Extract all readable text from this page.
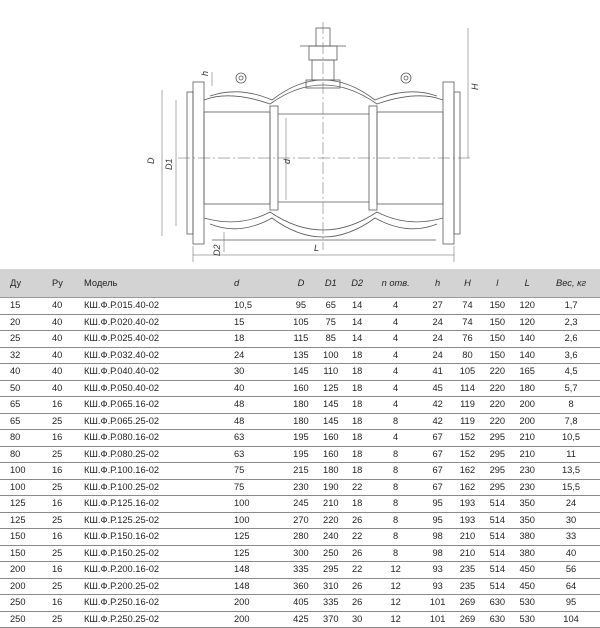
h
H
D D1	d
D2	L
Ду	Ру	Модель	d	D	D1	D2	n отв.	h	H	l	L	Вес, кг
15	40	КШ.Ф.Р.015.40-02	10,5	95	65	14	4	27	74	150	120	1,7
20	40	КШ.Ф.Р.020.40-02	15	105	75	14	4	24	74	150	120	2,3
25	40	КШ.Ф.Р.025.40-02	18	115	85	14	4	24	76	150	140	2,6
32	40	КШ.Ф.Р.032.40-02	24	135	100	18	4	24	80	150	140	3,6
40	40	КШ.Ф.Р.040.40-02	30	145	110	18	4	41	105	220	165	4,5
50	40	КШ.Ф.Р.050.40-02	40	160	125	18	4	45	114	220	180	5,7
65	16	КШ.Ф.Р.065.16-02	48	180	145	18	4	42	119	220	200	8
65	25	КШ.Ф.Р.065.25-02	48	180	145	18	8	42	119	220	200	7,8
80	16	КШ.Ф.Р.080.16-02	63	195	160	18	4	67	152	295	210	10,5
80	25	КШ.Ф.Р.080.25-02	63	195	160	18	8	67	152	295	210	11
100	16	КШ.Ф.Р.100.16-02	75	215	180	18	8	67	162	295	230	13,5
100	25	КШ.Ф.Р.100.25-02	75	230	190	22	8	67	162	295	230	15,5
125	16	КШ.Ф.Р.125.16-02	100	245	210	18	8	95	193	514	350	24
125	25	КШ.Ф.Р.125.25-02	100	270	220	26	8	95	193	514	350	30
150	16	КШ.Ф.Р.150.16-02	125	280	240	22	8	98	210	514	380	33
150	25	КШ.Ф.Р.150.25-02	125	300	250	26	8	98	210	514	380	40
200	16	КШ.Ф.Р.200.16-02	148	335	295	22	12	93	235	514	450	56
200	25	КШ.Ф.Р.200.25-02	148	360	310	26	12	93	235	514	450	64
250	16	КШ.Ф.Р.250.16-02	200	405	335	26	12	101	269	630	530	95
250	25	КШ.Ф.Р.250.25-02	200	425	370	30	12	101	269	630	530	104
